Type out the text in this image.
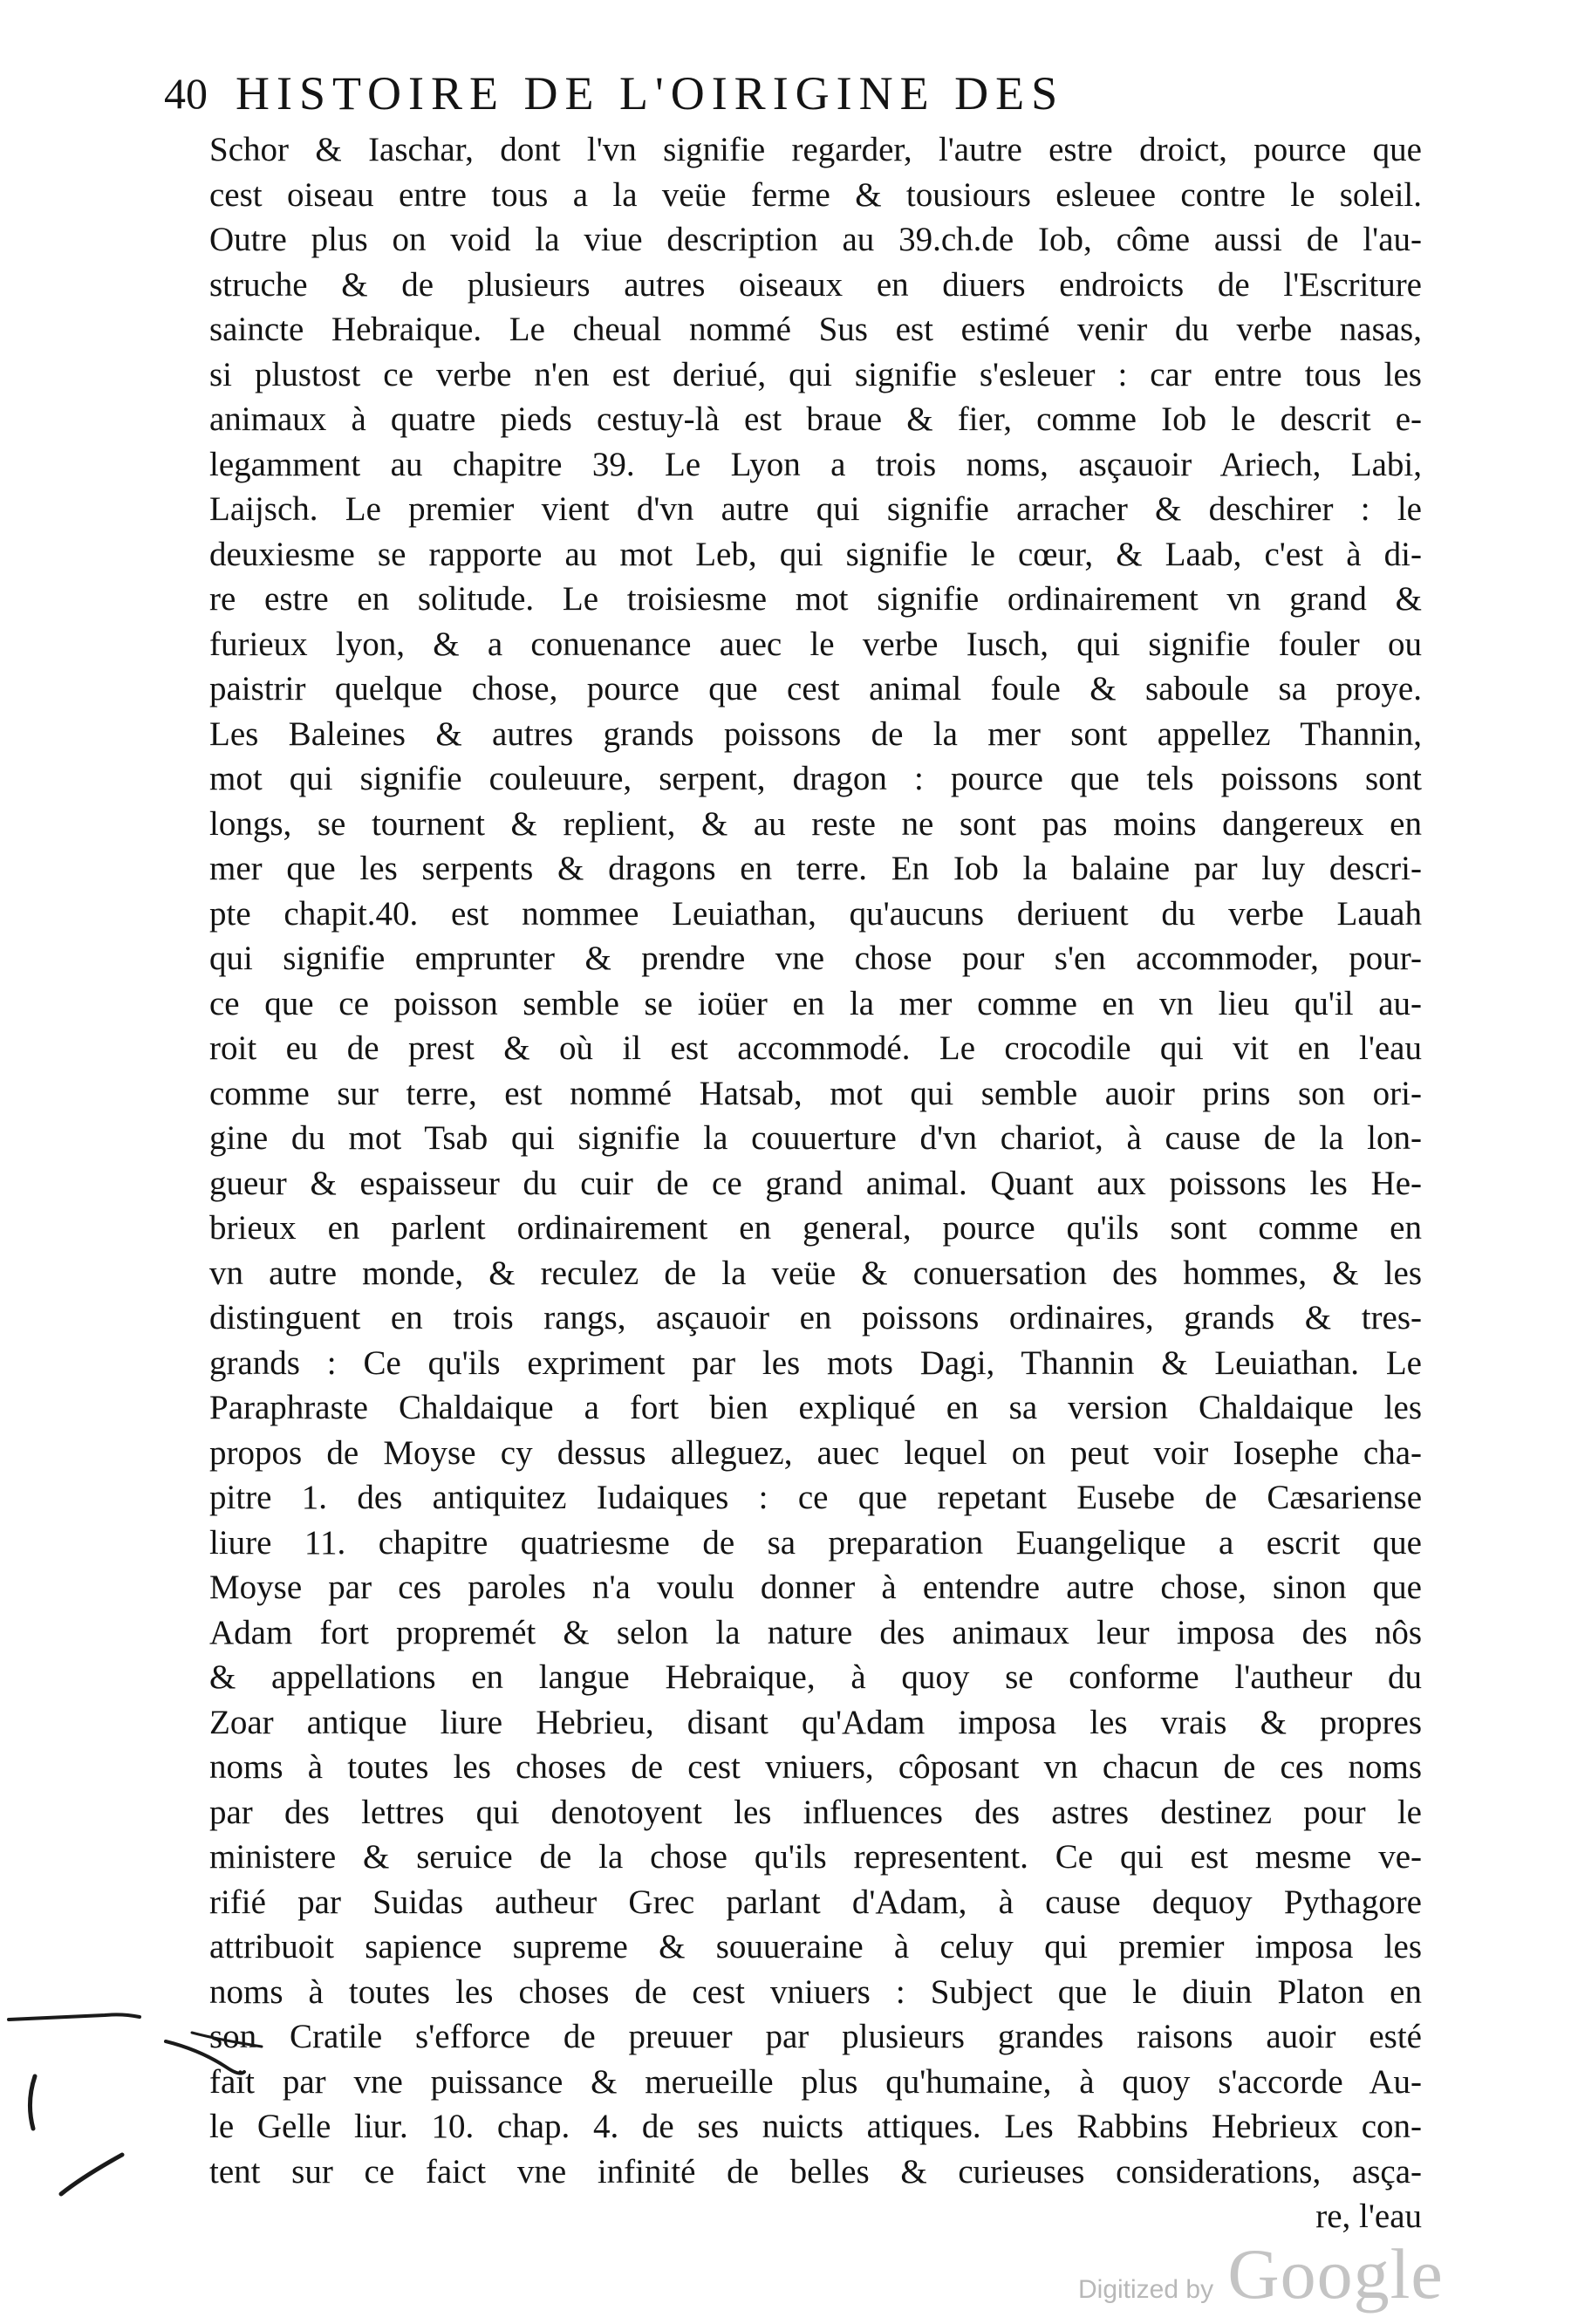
40 HISTOIRE DE L'OIRIGINE DES
Schor & Iaschar, dont l'vn signifie regarder, l'autre estre droict, pource que
cest oiseau entre tous a la veüe ferme & tousiours esleuee contre le soleil.
Outre plus on void la viue description au 39.ch.de Iob, côme aussi de l'au-
struche & de plusieurs autres oiseaux en diuers endroicts de l'Escriture
saincte Hebraique. Le cheual nommé Sus est estimé venir du verbe nasas,
si plustost ce verbe n'en est deriué, qui signifie s'esleuer : car entre tous les
animaux à quatre pieds cestuy-là est braue & fier, comme Iob le descrit e-
legamment au chapitre 39. Le Lyon a trois noms, asçauoir Ariech, Labi,
Laijsch. Le premier vient d'vn autre qui signifie arracher & deschirer : le
deuxiesme se rapporte au mot Leb, qui signifie le cœur, & Laab, c'est à di-
re estre en solitude. Le troisiesme mot signifie ordinairement vn grand &
furieux lyon, & a conuenance auec le verbe Iusch, qui signifie fouler ou
paistrir quelque chose, pource que cest animal foule & saboule sa proye.
Les Baleines & autres grands poissons de la mer sont appellez Thannin,
mot qui signifie couleuure, serpent, dragon : pource que tels poissons sont
longs, se tournent & replient, & au reste ne sont pas moins dangereux en
mer que les serpents & dragons en terre. En Iob la balaine par luy descri-
pte chapit.40. est nommee Leuiathan, qu'aucuns deriuent du verbe Lauah
qui signifie emprunter & prendre vne chose pour s'en accommoder, pour-
ce que ce poisson semble se ioüer en la mer comme en vn lieu qu'il au-
roit eu de prest & où il est accommodé. Le crocodile qui vit en l'eau
comme sur terre, est nommé Hatsab, mot qui semble auoir prins son ori-
gine du mot Tsab qui signifie la couuerture d'vn chariot, à cause de la lon-
gueur & espaisseur du cuir de ce grand animal. Quant aux poissons les He-
brieux en parlent ordinairement en general, pource qu'ils sont comme en
vn autre monde, & reculez de la veüe & conuersation des hommes, & les
distinguent en trois rangs, asçauoir en poissons ordinaires, grands & tres-
grands : Ce qu'ils expriment par les mots Dagi, Thannin & Leuiathan. Le
Paraphraste Chaldaique a fort bien expliqué en sa version Chaldaique les
propos de Moyse cy dessus alleguez, auec lequel on peut voir Iosephe cha-
pitre 1. des antiquitez Iudaiques : ce que repetant Eusebe de Cæsariense
liure 11. chapitre quatriesme de sa preparation Euangelique a escrit que
Moyse par ces paroles n'a voulu donner à entendre autre chose, sinon que
Adam fort propremét & selon la nature des animaux leur imposa des nôs
& appellations en langue Hebraique, à quoy se conforme l'autheur du
Zoar antique liure Hebrieu, disant qu'Adam imposa les vrais & propres
noms à toutes les choses de cest vniuers, côposant vn chacun de ces noms
par des lettres qui denotoyent les influences des astres destinez pour le
ministere & seruice de la chose qu'ils representent. Ce qui est mesme ve-
rifié par Suidas autheur Grec parlant d'Adam, à cause dequoy Pythagore
attribuoit sapience supreme & souueraine à celuy qui premier imposa les
noms à toutes les choses de cest vniuers : Subject que le diuin Platon en
son Cratile s'efforce de preuuer par plusieurs grandes raisons auoir esté
fait par vne puissance & merueille plus qu'humaine, à quoy s'accorde Au-
le Gelle liur. 10. chap. 4. de ses nuicts attiques. Les Rabbins Hebrieux con-
tent sur ce faict vne infinité de belles & curieuses considerations, asça-
re, l'eau
Digitized by Google
